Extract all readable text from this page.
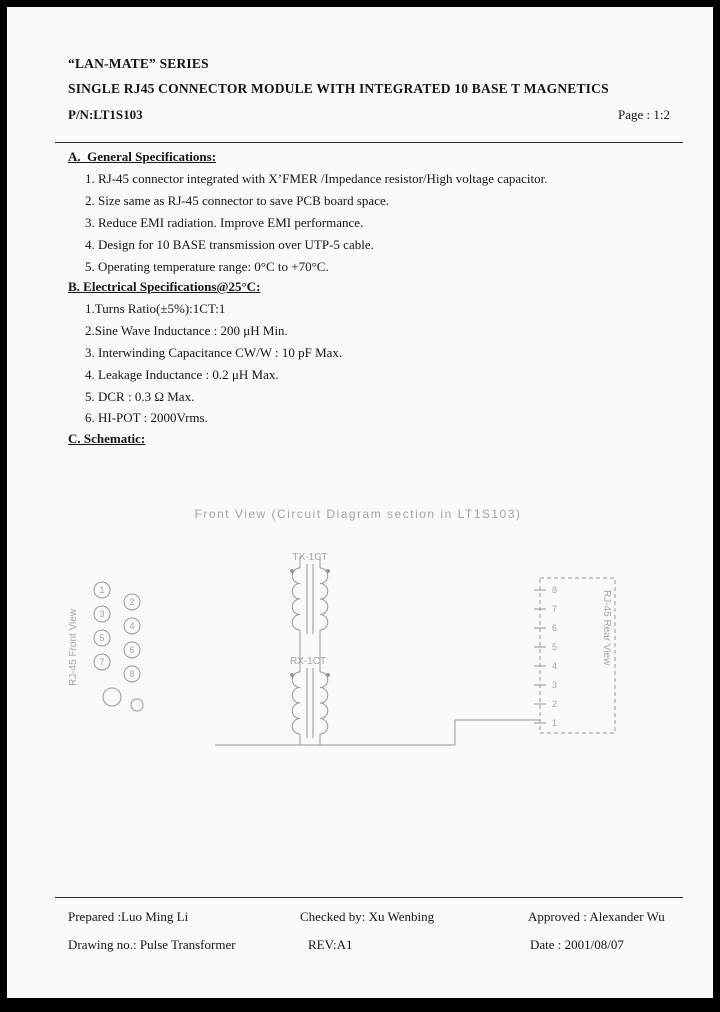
“LAN-MATE” SERIES
SINGLE RJ45 CONNECTOR MODULE WITH INTEGRATED 10 BASE T MAGNETICS
P/N:LT1S103	Page : 1:2
A.  General Specifications:
1. RJ-45 connector integrated with X’FMER /Impedance resistor/High voltage capacitor.
2. Size same as RJ-45 connector to save PCB board space.
3. Reduce EMI radiation. Improve EMI performance.
4. Design for 10 BASE transmission over UTP-5 cable.
5. Operating temperature range: 0°C to +70°C.
B. Electrical Specifications@25°C:
1.Turns Ratio(±5%):1CT:1
2.Sine Wave Inductance : 200 μH Min.
3. Interwinding Capacitance CW/W : 10 pF Max.
4. Leakage Inductance : 0.2 μH Max.
5. DCR : 0.3 Ω Max.
6. HI-POT : 2000Vrms.
C. Schematic:
Front View (Circuit Diagram section in LT1S103)
RJ-45 Front View
1
2
3
4
5
6
7
8
TX-1CT
RX-1CT	RJ-45 Rear View
8
7
6
5
4
3
2
1
Prepared :Luo Ming Li	Checked by: Xu Wenbing	Approved : Alexander Wu
Drawing no.: Pulse Transformer	REV:A1	Date : 2001/08/07
